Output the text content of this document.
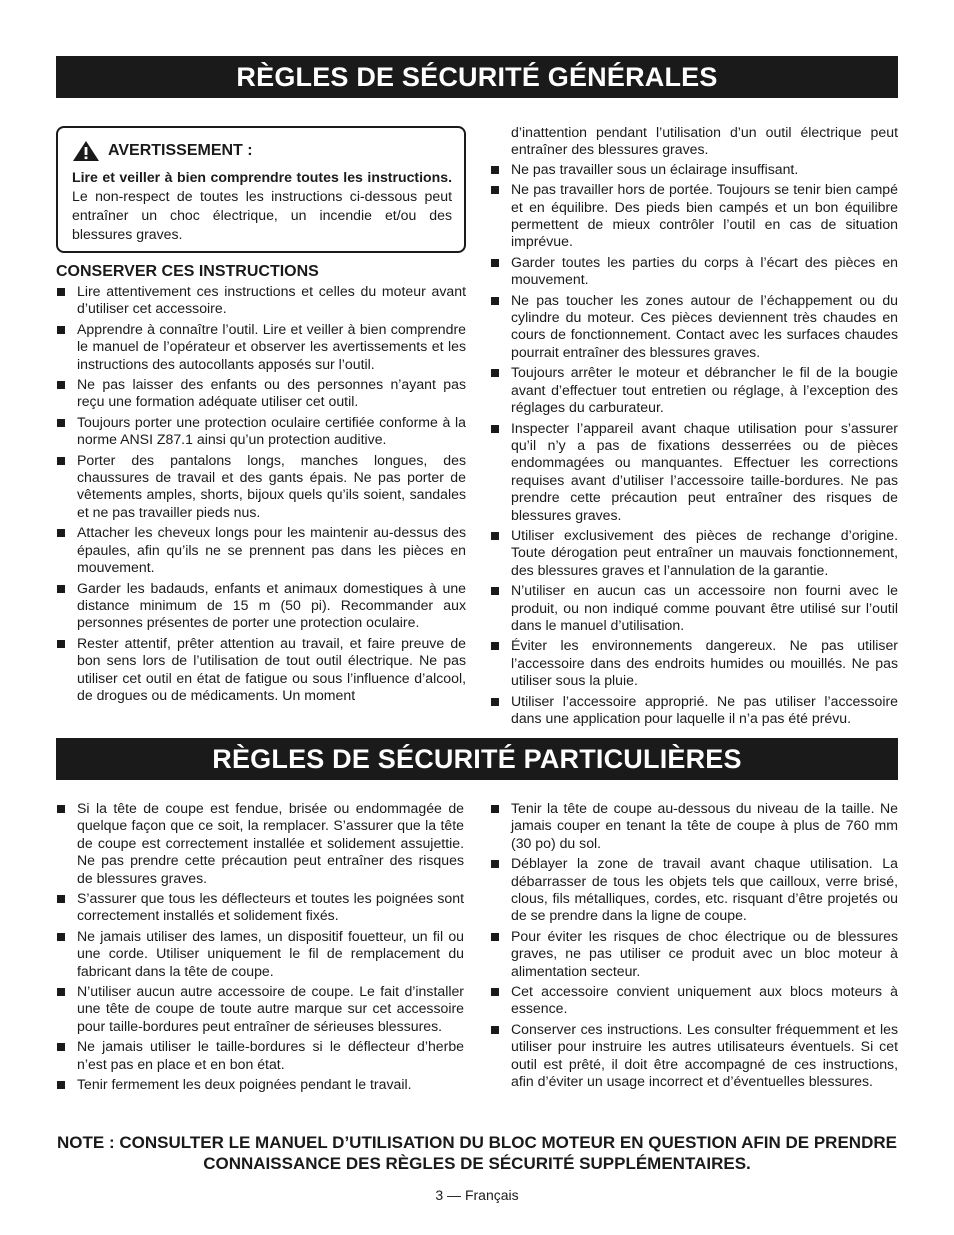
RÈGLES DE SÉCURITÉ GÉNÉRALES
AVERTISSEMENT :
Lire et veiller à bien comprendre toutes les instructions. Le non-respect de toutes les instructions ci-dessous peut entraîner un choc électrique, un incendie et/ou des blessures graves.
CONSERVER CES INSTRUCTIONS
Lire attentivement ces instructions et celles du moteur avant d’utiliser cet accessoire.
Apprendre à connaître l’outil. Lire et veiller à bien comprendre le manuel de l’opérateur et observer les avertissements et les instructions des autocollants apposés sur l’outil.
Ne pas laisser des enfants ou des personnes n’ayant pas reçu une formation adéquate utiliser cet outil.
Toujours porter une protection oculaire certifiée conforme à la norme ANSI Z87.1 ainsi qu’un protection auditive.
Porter des pantalons longs, manches longues, des chaussures de travail et des gants épais. Ne pas porter de vêtements amples, shorts, bijoux quels qu’ils soient, sandales et ne pas travailler pieds nus.
Attacher les cheveux longs pour les maintenir au-dessus des épaules, afin qu’ils ne se prennent pas dans les pièces en mouvement.
Garder les badauds, enfants et animaux domestiques à une distance minimum de 15 m (50 pi). Recommander aux personnes présentes de porter une protection oculaire.
Rester attentif, prêter attention au travail, et faire preuve de bon sens lors de l’utilisation de tout outil électrique. Ne pas utiliser cet outil en état de fatigue ou sous l’influence d’alcool, de drogues ou de médicaments. Un moment
d’inattention pendant l’utilisation d’un outil électrique peut entraîner des blessures graves.
Ne pas travailler sous un éclairage insuffisant.
Ne pas travailler hors de portée. Toujours se tenir bien campé et en équilibre. Des pieds bien campés et un bon équilibre permettent de mieux contrôler l’outil en cas de situation imprévue.
Garder toutes les parties du corps à l’écart des pièces en mouvement.
Ne pas toucher les zones autour de l’échappement ou du cylindre du moteur. Ces pièces deviennent très chaudes en cours de fonctionnement. Contact avec les surfaces chaudes pourrait entraîner des blessures graves.
Toujours arrêter le moteur et débrancher le fil de la bougie avant d’effectuer tout entretien ou réglage, à l’exception des réglages du carburateur.
Inspecter l’appareil avant chaque utilisation pour s’assurer qu’il n’y a pas de fixations desserrées ou de pièces endommagées ou manquantes. Effectuer les corrections requises avant d’utiliser l’accessoire taille-bordures. Ne pas prendre cette précaution peut entraîner des risques de blessures graves.
Utiliser exclusivement des pièces de rechange d’origine. Toute dérogation peut entraîner un mauvais fonctionnement, des blessures graves et l’annulation de la garantie.
N’utiliser en aucun cas un accessoire non fourni avec le produit, ou non indiqué comme pouvant être utilisé sur l’outil dans le manuel d’utilisation.
Éviter les environnements dangereux. Ne pas utiliser l’accessoire dans des endroits humides ou mouillés. Ne pas utiliser sous la pluie.
Utiliser l’accessoire approprié. Ne pas utiliser l’accessoire dans une application pour laquelle il n’a pas été prévu.
RÈGLES DE SÉCURITÉ PARTICULIÈRES
Si la tête de coupe est fendue, brisée ou endommagée de quelque façon que ce soit, la remplacer. S’assurer que la tête de coupe est correctement installée et solidement assujettie. Ne pas prendre cette précaution peut entraîner des risques de blessures graves.
S’assurer que tous les déflecteurs et toutes les poignées sont correctement installés et solidement fixés.
Ne jamais utiliser des lames, un dispositif fouetteur, un fil ou une corde. Utiliser uniquement le fil de remplacement du fabricant dans la tête de coupe.
N’utiliser aucun autre accessoire de coupe. Le fait d’installer une tête de coupe de toute autre marque sur cet accessoire pour taille-bordures peut entraîner de sérieuses blessures.
Ne jamais utiliser le taille-bordures si le déflecteur d’herbe n’est pas en place et en bon état.
Tenir fermement les deux poignées pendant le travail.
Tenir la tête de coupe au-dessous du niveau de la taille. Ne jamais couper en tenant la tête de coupe à plus de 760 mm (30 po) du sol.
Déblayer la zone de travail avant chaque utilisation. La débarrasser de tous les objets tels que cailloux, verre brisé, clous, fils métalliques, cordes, etc. risquant d’être projetés ou de se prendre dans la ligne de coupe.
Pour éviter les risques de choc électrique ou de blessures graves, ne pas utiliser ce produit avec un bloc moteur à alimentation secteur.
Cet accessoire convient uniquement aux blocs moteurs à essence.
Conserver ces instructions. Les consulter fréquemment et les utiliser pour instruire les autres utilisateurs éventuels. Si cet outil est prêté, il doit être accompagné de ces instructions, afin d’éviter un usage incorrect et d’éventuelles blessures.
NOTE : CONSULTER LE MANUEL D’UTILISATION DU BLOC MOTEUR EN QUESTION AFIN DE PRENDRE CONNAISSANCE DES RÈGLES DE SÉCURITÉ SUPPLÉMENTAIRES.
3 — Français
